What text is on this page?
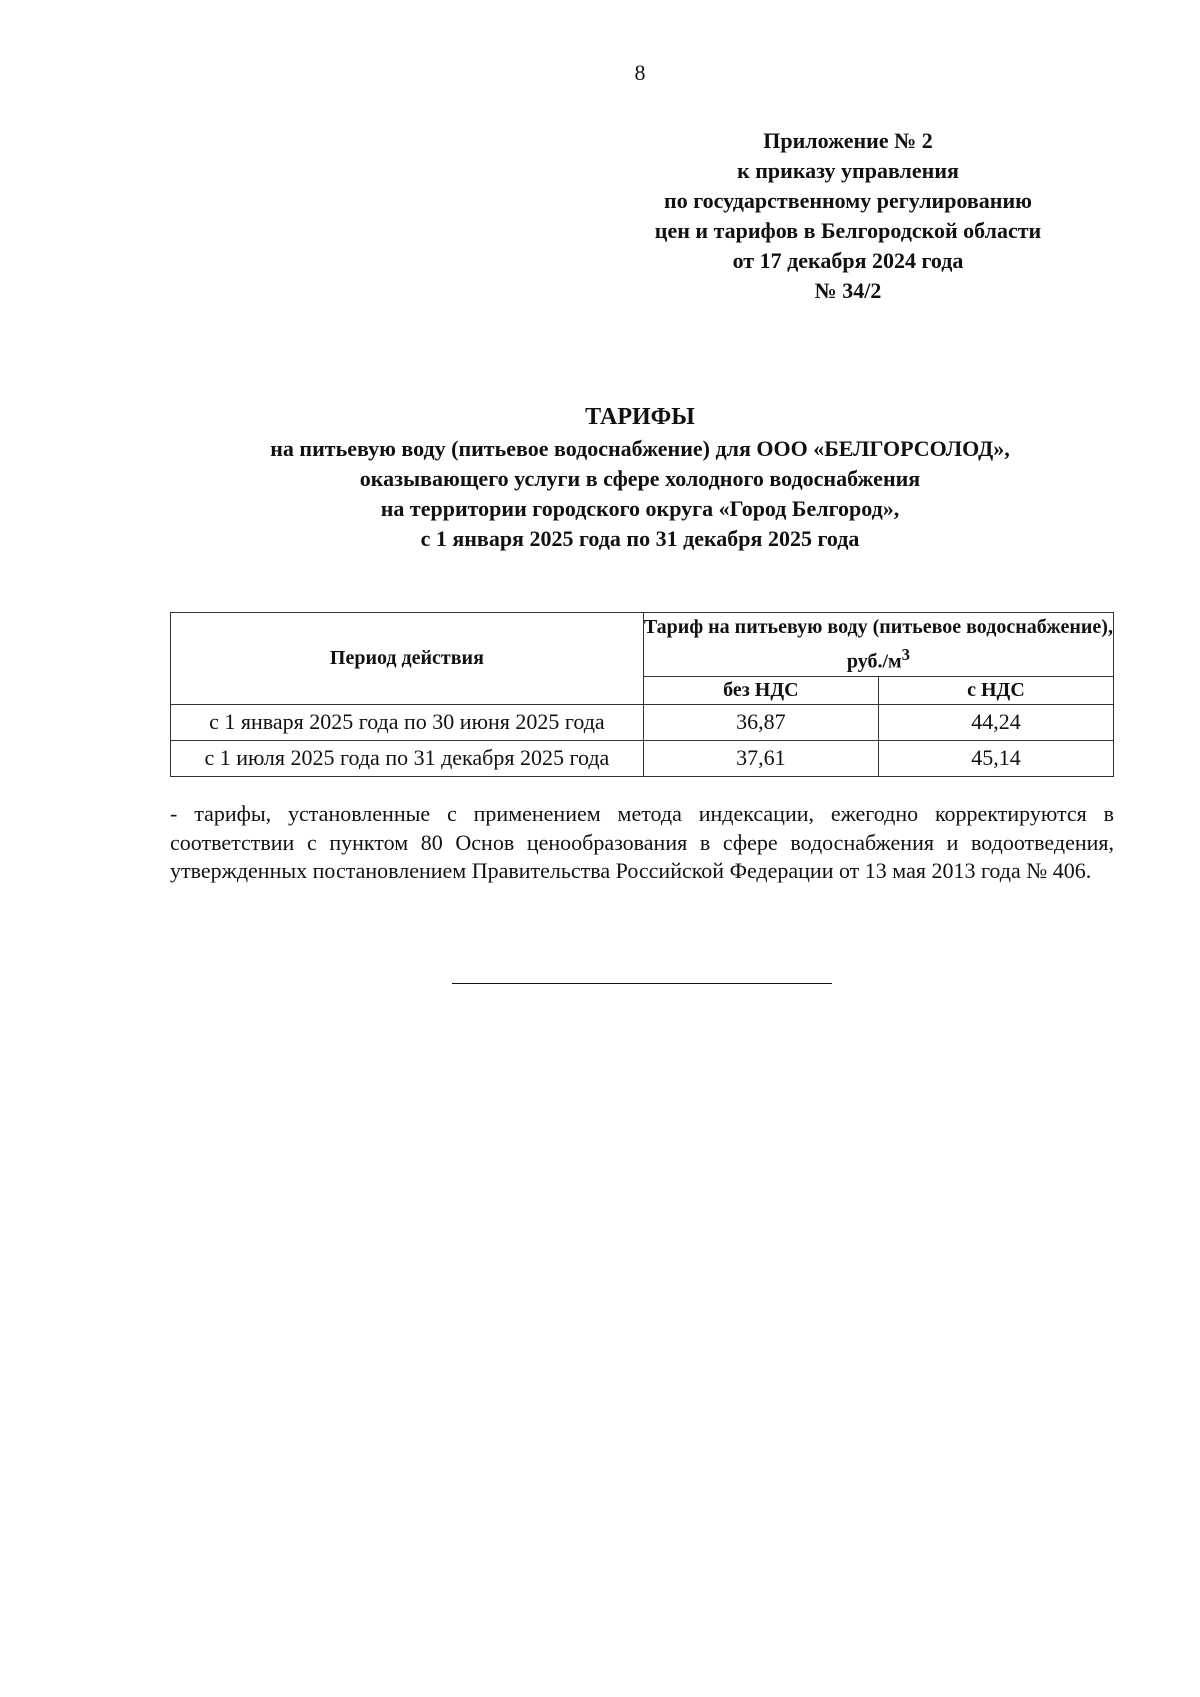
8
Приложение № 2
к приказу управления
по государственному регулированию
цен и тарифов в Белгородской области
от 17 декабря 2024 года
№ 34/2
ТАРИФЫ
на питьевую воду (питьевое водоснабжение) для ООО «БЕЛГОРСОЛОД»,
оказывающего услуги в сфере холодного водоснабжения
на территории городского округа «Город Белгород»,
с 1 января 2025 года по 31 декабря 2025 года
Период действия	Тариф на питьевую воду (питьевое водоснабжение), $руб./м^3$
	без НДС	с НДС
с 1 января 2025 года по 30 июня 2025 года	36,87	44,24
с 1 июля 2025 года по 31 декабря 2025 года	37,61	45,14
- тарифы, установленные с применением метода индексации, ежегодно корректируются в соответствии с пунктом 80 Основ ценообразования в сфере водоснабжения и водоотведения, утвержденных постановлением Правительства Российской Федерации от 13 мая 2013 года № 406.
